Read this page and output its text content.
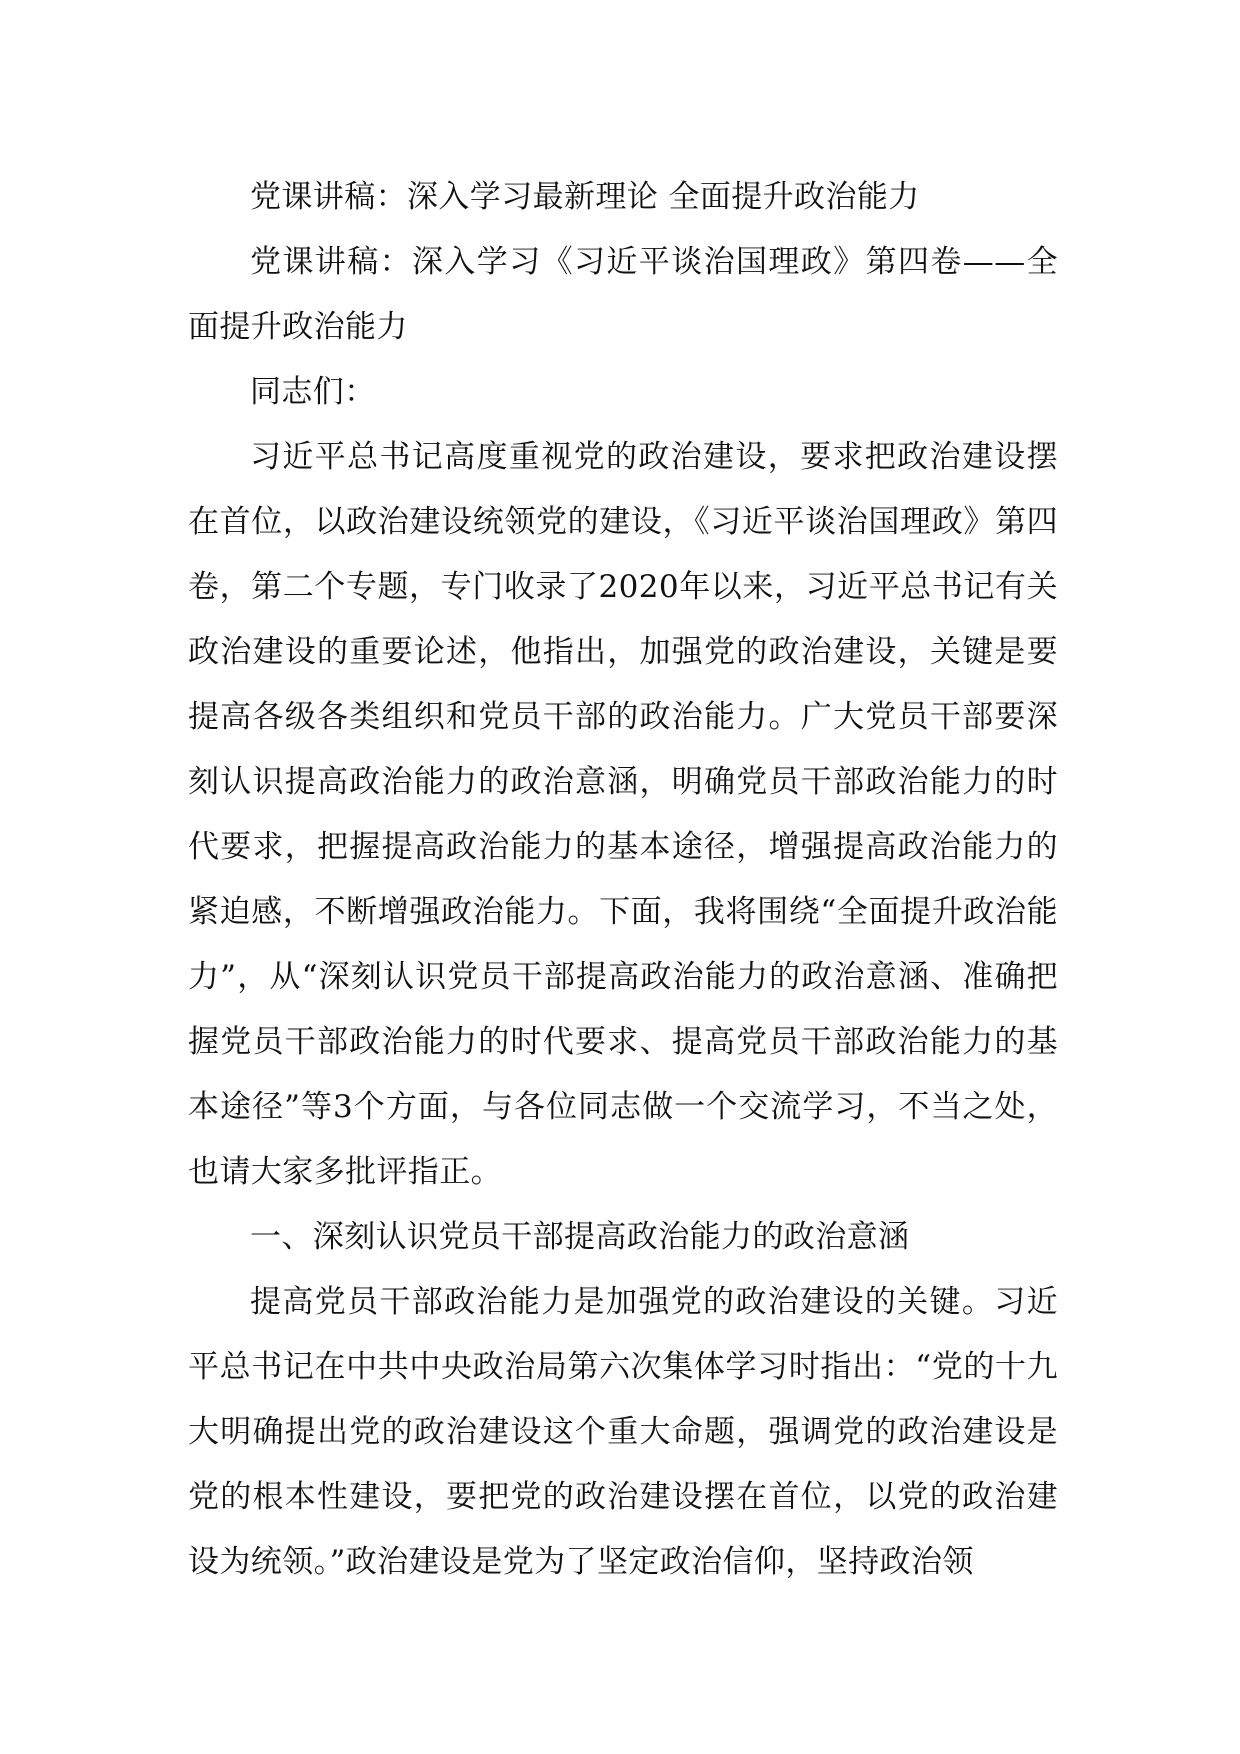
党课讲稿：深入学习最新理论 全面提升政治能力

党课讲稿：深入学习《习近平谈治国理政》第四卷——全面提升政治能力

同志们：

习近平总书记高度重视党的政治建设，要求把政治建设摆在首位，以政治建设统领党的建设，《习近平谈治国理政》第四卷，第二个专题，专门收录了2020年以来，习近平总书记有关政治建设的重要论述，他指出，加强党的政治建设，关键是要提高各级各类组织和党员干部的政治能力。广大党员干部要深刻认识提高政治能力的政治意涵，明确党员干部政治能力的时代要求，把握提高政治能力的基本途径，增强提高政治能力的紧迫感，不断增强政治能力。下面，我将围绕“全面提升政治能力”，从“深刻认识党员干部提高政治能力的政治意涵、准确把握党员干部政治能力的时代要求、提高党员干部政治能力的基本途径”等3个方面，与各位同志做一个交流学习，不当之处，也请大家多批评指正。

一、深刻认识党员干部提高政治能力的政治意涵

提高党员干部政治能力是加强党的政治建设的关键。习近平总书记在中共中央政治局第六次集体学习时指出：“党的十九大明确提出党的政治建设这个重大命题，强调党的政治建设是党的根本性建设，要把党的政治建设摆在首位，以党的政治建设为统领。”政治建设是党为了坚定政治信仰，坚持政治领
